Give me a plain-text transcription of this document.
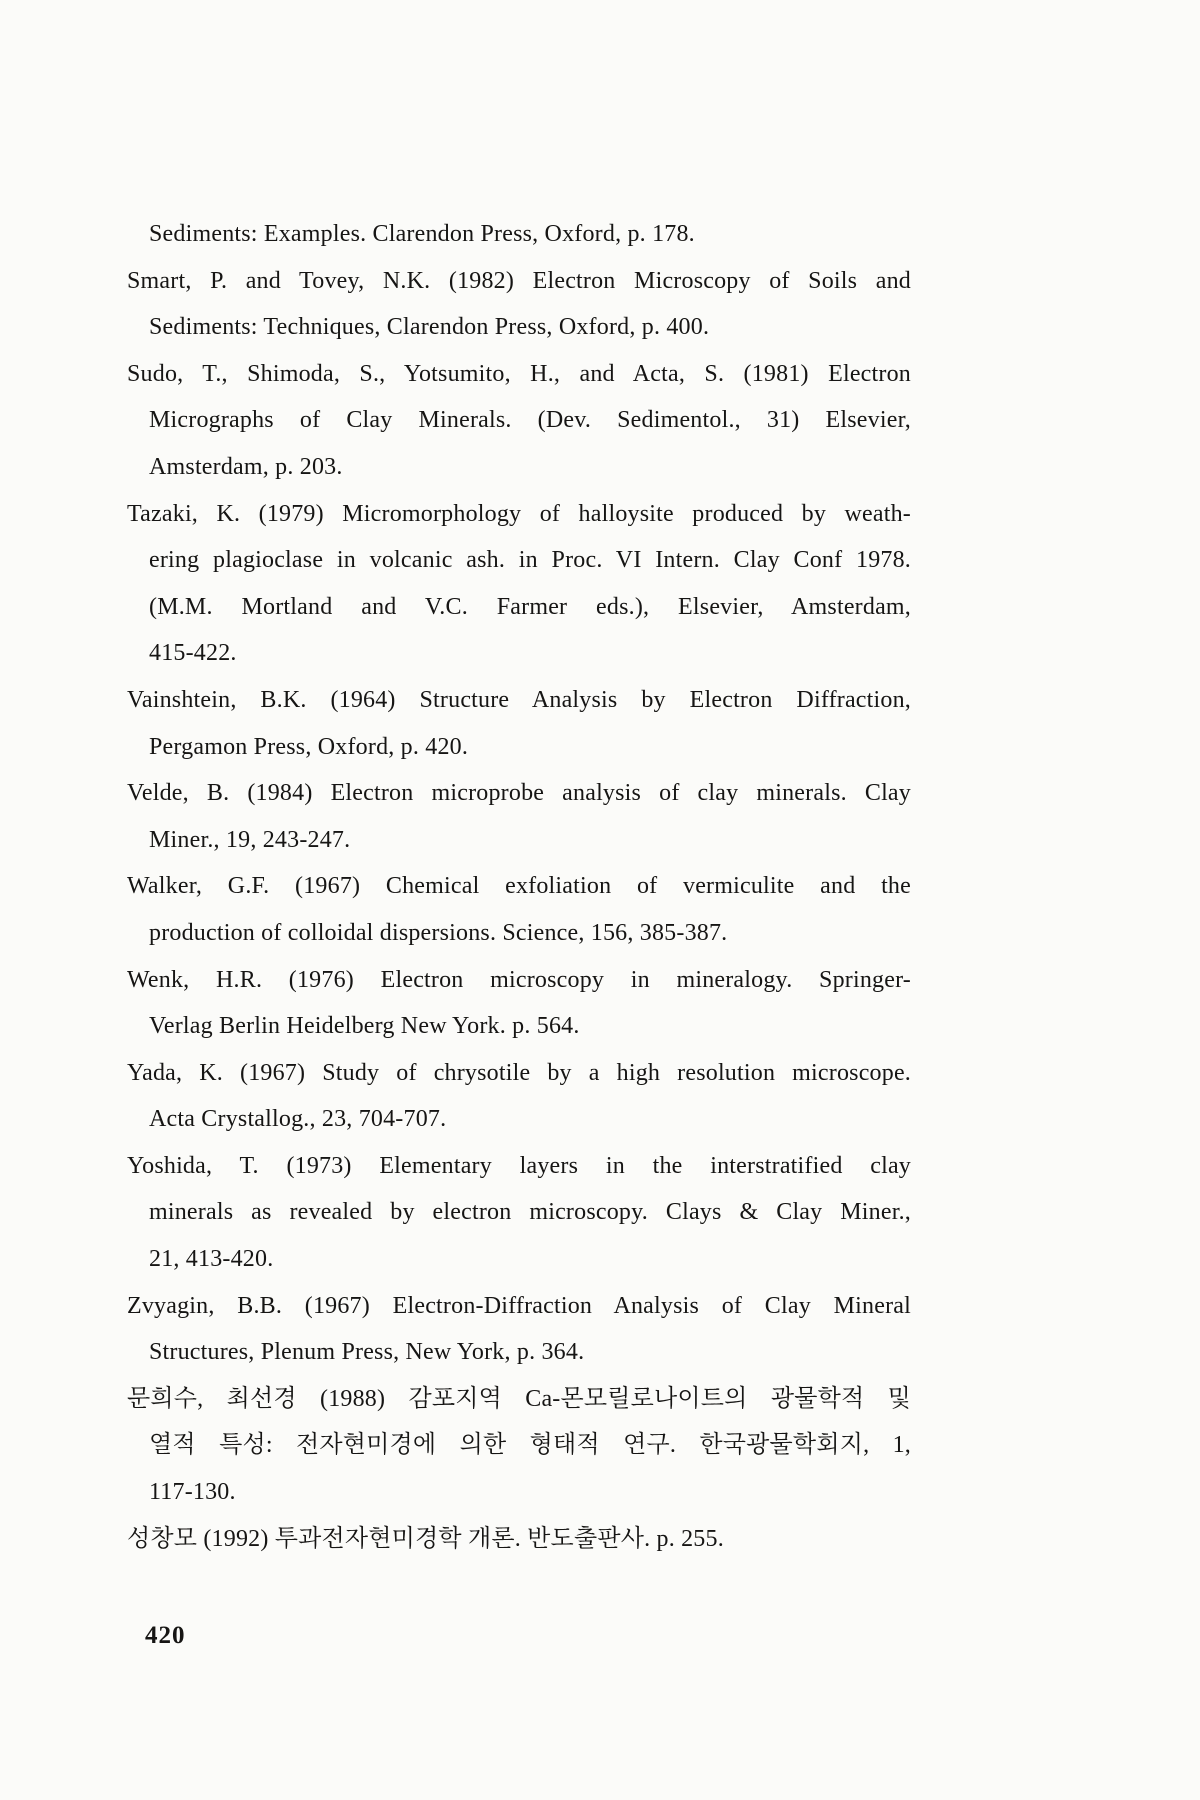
Sediments: Examples. Clarendon Press, Oxford, p. 178.
Smart, P. and Tovey, N.K. (1982) Electron Microscopy of Soils and
Sediments: Techniques, Clarendon Press, Oxford, p. 400.
Sudo, T., Shimoda, S., Yotsumito, H., and Acta, S. (1981) Electron
Micrographs of Clay Minerals. (Dev. Sedimentol., 31) Elsevier,
Amsterdam, p. 203.
Tazaki, K. (1979) Micromorphology of halloysite produced by weath-
ering plagioclase in volcanic ash. in Proc. VI Intern. Clay Conf 1978.
(M.M. Mortland and V.C. Farmer eds.), Elsevier, Amsterdam,
415-422.
Vainshtein, B.K. (1964) Structure Analysis by Electron Diffraction,
Pergamon Press, Oxford, p. 420.
Velde, B. (1984) Electron microprobe analysis of clay minerals. Clay
Miner., 19, 243-247.
Walker, G.F. (1967) Chemical exfoliation of vermiculite and the
production of colloidal dispersions. Science, 156, 385-387.
Wenk, H.R. (1976) Electron microscopy in mineralogy. Springer-
Verlag Berlin Heidelberg New York. p. 564.
Yada, K. (1967) Study of chrysotile by a high resolution microscope.
Acta Crystallog., 23, 704-707.
Yoshida, T. (1973) Elementary layers in the interstratified clay
minerals as revealed by electron microscopy. Clays & Clay Miner.,
21, 413-420.
Zvyagin, B.B. (1967) Electron-Diffraction Analysis of Clay Mineral
Structures, Plenum Press, New York, p. 364.
문희수, 최선경 (1988) 감포지역 Ca-몬모릴로나이트의 광물학적 및
열적 특성: 전자현미경에 의한 형태적 연구. 한국광물학회지, 1,
117-130.
성창모 (1992) 투과전자현미경학 개론. 반도출판사. p. 255.
420
